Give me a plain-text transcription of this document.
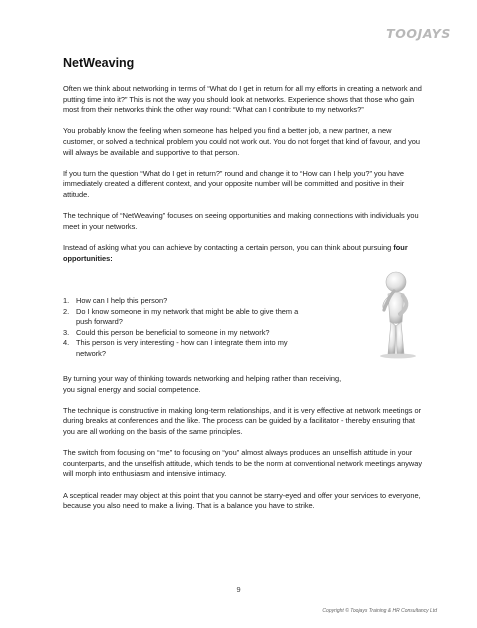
TOOJAYS
NetWeaving

Often we think about networking in terms of “What do I get in return for all my efforts in creating a network and putting time into it?” This is not the way you should look at networks. Experience shows that those who gain most from their networks think the other way round: “What can I contribute to my networks?”

You probably know the feeling when someone has helped you find a better job, a new partner, a new customer, or solved a technical problem you could not work out. You do not forget that kind of favour, and you will always be available and supportive to that person.

If you turn the question “What do I get in return?” round and change it to “How can I help you?” you have immediately created a different context, and your opposite number will be committed and positive in their attitude.

The technique of “NetWeaving” focuses on seeing opportunities and making connections with individuals you meet in your networks.

Instead of asking what you can achieve by contacting a certain person, you can think about pursuing four opportunities:

1. How can I help this person?
2. Do I know someone in my network that might be able to give them a push forward?
3. Could this person be beneficial to someone in my network?
4. This person is very interesting - how can I integrate them into my network?

By turning your way of thinking towards networking and helping rather than receiving, you signal energy and social competence.

The technique is constructive in making long-term relationships, and it is very effective at network meetings or during breaks at conferences and the like. The process can be guided by a facilitator - thereby ensuring that you are all working on the basis of the same principles.

The switch from focusing on “me” to focusing on “you” almost always produces an unselfish attitude in your counterparts, and the unselfish attitude, which tends to be the norm at conventional network meetings anyway will morph into enthusiasm and intensive intimacy.

A sceptical reader may object at this point that you cannot be starry-eyed and offer your services to everyone, because you also need to make a living. That is a balance you have to strike.

9
Copyright © Toojays Training & HR Consultancy Ltd
